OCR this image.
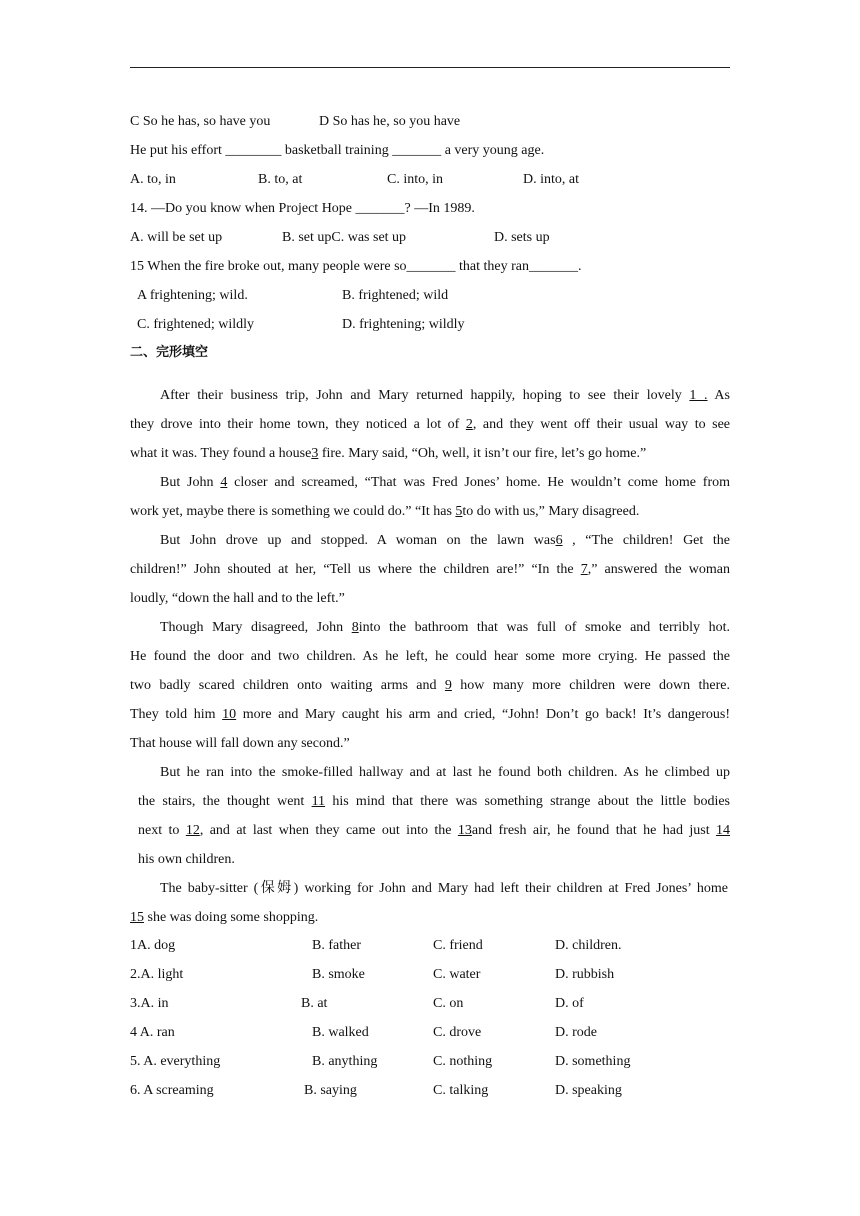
C So he has, so have you	D So has he, so you have
He put his effort ________ basketball training _______ a very young age.
A. to, in	B. to, at	C. into, in	D. into, at
14. —Do you know when Project Hope _______? —In 1989.
A. will be set up	B. set upC. was set up	D. sets up
15 When the fire broke out, many people were so_______ that they ran_______.
A frightening; wild.	B. frightened; wild
C. frightened; wildly	D. frightening; wildly
二、完形填空
After their business trip, John and Mary returned happily, hoping to see their lovely 1 . As
they drove into their home town, they noticed a lot of 2, and they went off their usual way to see
what it was. They found a house3 fire. Mary said, “Oh, well, it isn’t our fire, let’s go home.”
But John 4 closer and screamed, “That was Fred Jones’ home. He wouldn’t come home from
work yet, maybe there is something we could do.” “It has 5to do with us,” Mary disagreed.
But John drove up and stopped. A woman on the lawn was6 , “The children! Get the
children!” John shouted at her, “Tell us where the children are!” “In the 7,” answered the woman
loudly, “down the hall and to the left.”
Though Mary disagreed, John 8into the bathroom that was full of smoke and terribly hot.
He found the door and two children. As he left, he could hear some more crying. He passed the
two badly scared children onto waiting arms and 9 how many more children were down there.
They told him 10 more and Mary caught his arm and cried, “John! Don’t go back! It’s dangerous!
That house will fall down any second.”
But he ran into the smoke-filled hallway and at last he found both children. As he climbed up
the stairs, the thought went 11 his mind that there was something strange about the little bodies
next to 12, and at last when they came out into the 13and fresh air, he found that he had just 14
his own children.
The baby-sitter (保姆) working for John and Mary had left their children at Fred Jones’ home
15 she was doing some shopping.
1A. dog	B. father	C. friend	D. children.
2.A. light	B. smoke	C. water	D. rubbish
3.A. in	B. at	C. on	D. of
4 A. ran	B. walked	C. drove	D. rode
5. A. everything	B. anything	C. nothing	D. something
6. A screaming	B. saying	C. talking	D. speaking
